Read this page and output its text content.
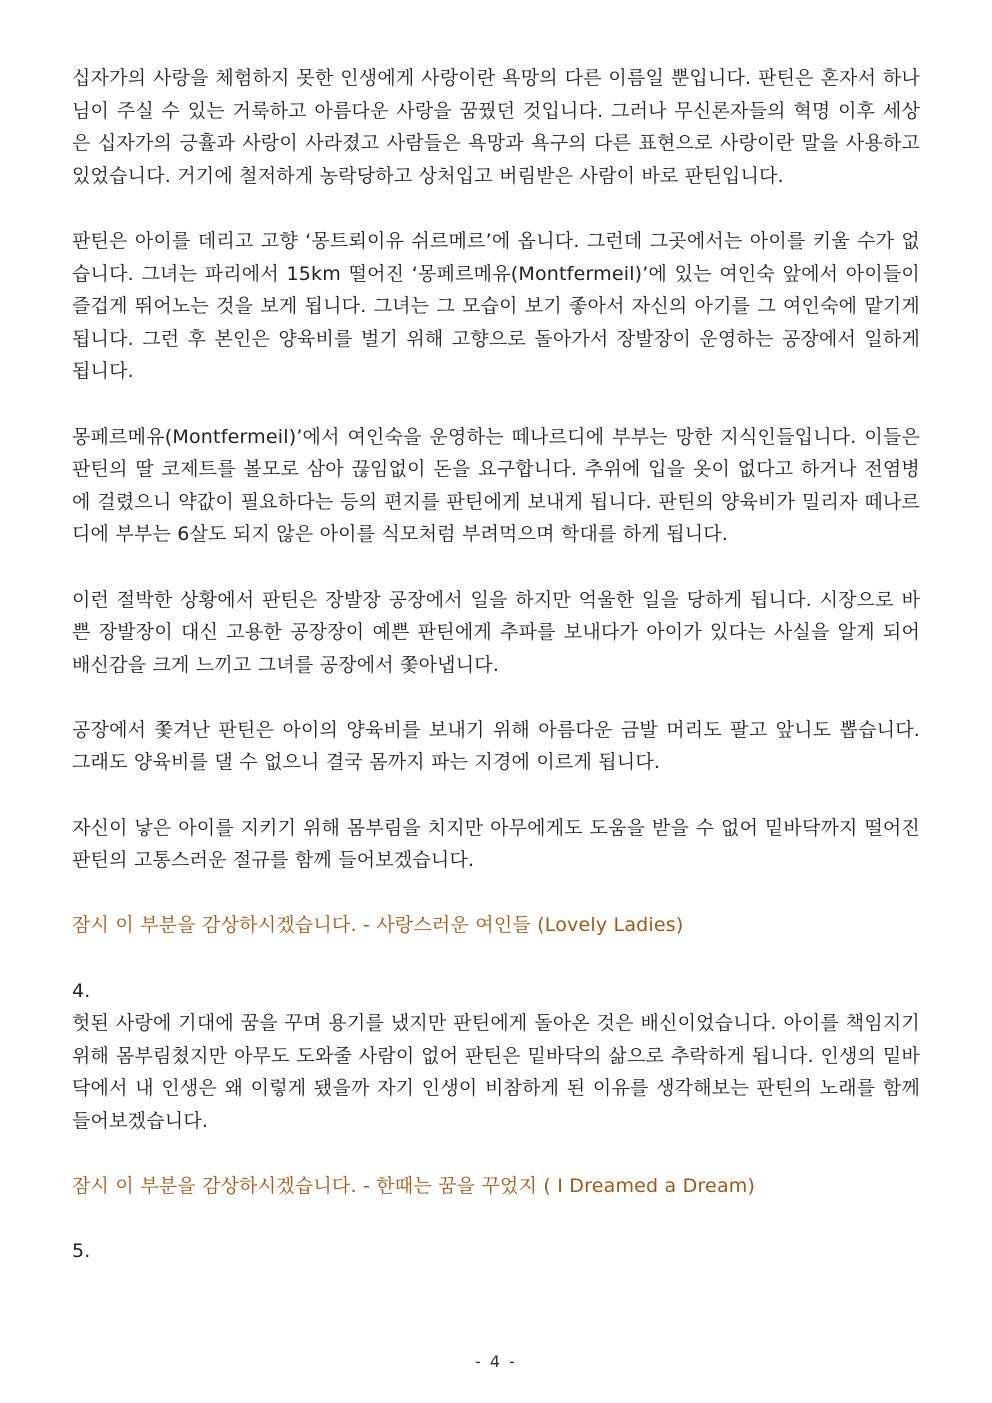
십자가의 사랑을 체험하지 못한 인생에게 사랑이란 욕망의 다른 이름일 뿐입니다. 판틴은 혼자서 하나님이 주실 수 있는 거룩하고 아름다운 사랑을 꿈꿨던 것입니다. 그러나 무신론자들의 혁명 이후 세상은 십자가의 긍휼과 사랑이 사라졌고 사람들은 욕망과 욕구의 다른 표현으로 사랑이란 말을 사용하고 있었습니다. 거기에 철저하게 농락당하고 상처입고 버림받은 사람이 바로 판틴입니다.

판틴은 아이를 데리고 고향 ‘몽트뢰이유 쉬르메르’에 옵니다. 그런데 그곳에서는 아이를 키울 수가 없습니다. 그녀는 파리에서 15km 떨어진 ‘몽페르메유(Montfermeil)’에 있는 여인숙 앞에서 아이들이 즐겁게 뛰어노는 것을 보게 됩니다. 그녀는 그 모습이 보기 좋아서 자신의 아기를 그 여인숙에 맡기게 됩니다. 그런 후 본인은 양육비를 벌기 위해 고향으로 돌아가서 장발장이 운영하는 공장에서 일하게 됩니다.

몽페르메유(Montfermeil)’에서 여인숙을 운영하는 떼나르디에 부부는 망한 지식인들입니다. 이들은 판틴의 딸 코제트를 볼모로 삼아 끊임없이 돈을 요구합니다. 추위에 입을 옷이 없다고 하거나 전염병에 걸렸으니 약값이 필요하다는 등의 편지를 판틴에게 보내게 됩니다. 판틴의 양육비가 밀리자 떼나르디에 부부는 6살도 되지 않은 아이를 식모처럼 부려먹으며 학대를 하게 됩니다.

이런 절박한 상황에서 판틴은 장발장 공장에서 일을 하지만 억울한 일을 당하게 됩니다. 시장으로 바쁜 장발장이 대신 고용한 공장장이 예쁜 판틴에게 추파를 보내다가 아이가 있다는 사실을 알게 되어 배신감을 크게 느끼고 그녀를 공장에서 쫓아냅니다.

공장에서 쫓겨난 판틴은 아이의 양육비를 보내기 위해 아름다운 금발 머리도 팔고 앞니도 뽑습니다. 그래도 양육비를 댈 수 없으니 결국 몸까지 파는 지경에 이르게 됩니다.

자신이 낳은 아이를 지키기 위해 몸부림을 치지만 아무에게도 도움을 받을 수 없어 밑바닥까지 떨어진 판틴의 고통스러운 절규를 함께 들어보겠습니다.

잠시 이 부분을 감상하시겠습니다. - 사랑스러운 여인들 (Lovely Ladies)

4.

헛된 사랑에 기대에 꿈을 꾸며 용기를 냈지만 판틴에게 돌아온 것은 배신이었습니다. 아이를 책임지기 위해 몸부림쳤지만 아무도 도와줄 사람이 없어 판틴은 밑바닥의 삶으로 추락하게 됩니다. 인생의 밑바닥에서 내 인생은 왜 이렇게 됐을까 자기 인생이 비참하게 된 이유를 생각해보는 판틴의 노래를 함께 들어보겠습니다.

잠시 이 부분을 감상하시겠습니다. - 한때는 꿈을 꾸었지 ( I Dreamed a Dream)

5.

- 4 -
